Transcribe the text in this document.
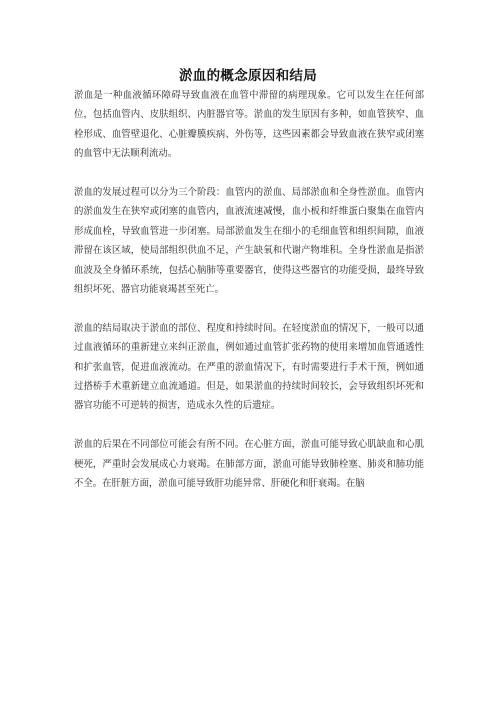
淤血的概念原因和结局

淤血是一种血液循环障碍导致血液在血管中滞留的病理现象。它可以发生在任何部位，包括血管内、皮肤组织、内脏器官等。淤血的发生原因有多种，如血管狭窄、血栓形成、血管壁退化、心脏瓣膜疾病、外伤等，这些因素都会导致血液在狭窄或闭塞的血管中无法顺利流动。

淤血的发展过程可以分为三个阶段：血管内的淤血、局部淤血和全身性淤血。血管内的淤血发生在狭窄或闭塞的血管内，血液流速减慢，血小板和纤维蛋白聚集在血管内形成血栓，导致血管进一步闭塞。局部淤血发生在细小的毛细血管和组织间隙，血液滞留在该区域，使局部组织供血不足，产生缺氧和代谢产物堆积。全身性淤血是指淤血波及全身循环系统，包括心脑肺等重要器官，使得这些器官的功能受损，最终导致组织坏死、器官功能衰竭甚至死亡。

淤血的结局取决于淤血的部位、程度和持续时间。在轻度淤血的情况下，一般可以通过血液循环的重新建立来纠正淤血，例如通过血管扩张药物的使用来增加血管通透性和扩张血管，促进血液流动。在严重的淤血情况下，有时需要进行手术干预，例如通过搭桥手术重新建立血流通道。但是，如果淤血的持续时间较长，会导致组织坏死和器官功能不可逆转的损害，造成永久性的后遗症。

淤血的后果在不同部位可能会有所不同。在心脏方面，淤血可能导致心肌缺血和心肌梗死，严重时会发展成心力衰竭。在肺部方面，淤血可能导致肺栓塞、肺炎和肺功能不全。在肝脏方面，淤血可能导致肝功能异常、肝硬化和肝衰竭。在脑
